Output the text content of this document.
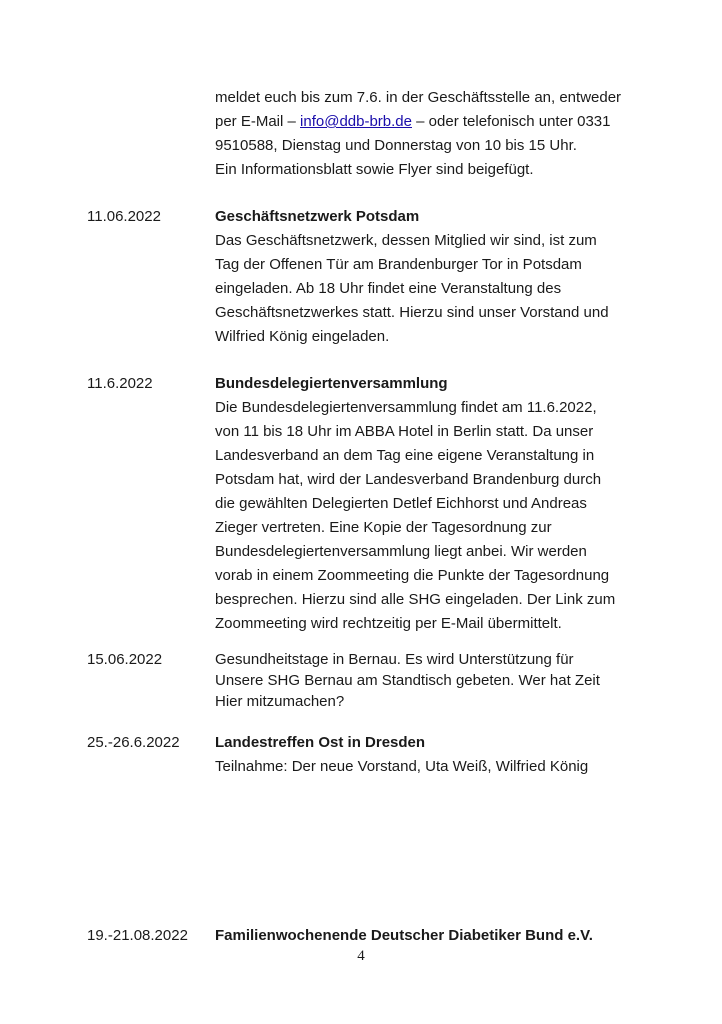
meldet euch bis zum 7.6. in der Geschäftsstelle an, entweder
per E-Mail – info@ddb-brb.de – oder telefonisch unter 0331
9510588, Dienstag und Donnerstag von 10 bis 15 Uhr.
Ein Informationsblatt sowie Flyer sind beigefügt.
11.06.2022	Geschäftsnetzwerk Potsdam
Das Geschäftsnetzwerk, dessen Mitglied wir sind, ist zum
Tag der Offenen Tür am Brandenburger Tor in Potsdam
eingeladen. Ab 18 Uhr findet eine Veranstaltung des
Geschäftsnetzwerkes statt. Hierzu sind unser Vorstand und
Wilfried König eingeladen.
11.6.2022	Bundesdelegiertenversammlung
Die Bundesdelegiertenversammlung findet am 11.6.2022,
von 11 bis 18 Uhr im ABBA Hotel in Berlin statt. Da unser
Landesverband an dem Tag eine eigene Veranstaltung in
Potsdam hat, wird der Landesverband Brandenburg durch
die gewählten Delegierten Detlef Eichhorst und Andreas
Zieger vertreten. Eine Kopie der Tagesordnung zur
Bundesdelegiertenversammlung liegt anbei. Wir werden
vorab in einem Zoommeeting die Punkte der Tagesordnung
besprechen. Hierzu sind alle SHG eingeladen. Der Link zum
Zoommeeting wird rechtzeitig per E-Mail übermittelt.
15.06.2022	Gesundheitstage in Bernau. Es wird Unterstützung für
Unsere SHG Bernau am Standtisch gebeten. Wer hat Zeit
Hier mitzumachen?
25.-26.6.2022 Landestreffen Ost in Dresden
Teilnahme: Der neue Vorstand, Uta Weiß, Wilfried König
19.-21.08.2022 Familienwochenende Deutscher Diabetiker Bund e.V.
4
